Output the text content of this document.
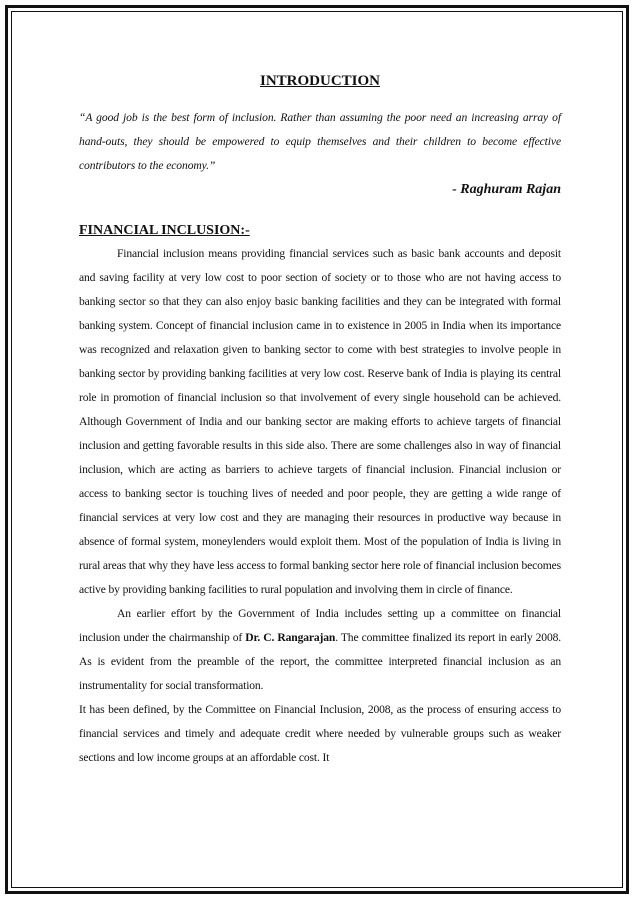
INTRODUCTION

“A good job is the best form of inclusion. Rather than assuming the poor need an increasing array of hand-outs, they should be empowered to equip themselves and their children to become effective contributors to the economy.”

- Raghuram Rajan

FINANCIAL INCLUSION:-

Financial inclusion means providing financial services such as basic bank accounts and deposit and saving facility at very low cost to poor section of society or to those who are not having access to banking sector so that they can also enjoy basic banking facilities and they can be integrated with formal banking system. Concept of financial inclusion came in to existence in 2005 in India when its importance was recognized and relaxation given to banking sector to come with best strategies to involve people in banking sector by providing banking facilities at very low cost. Reserve bank of India is playing its central role in promotion of financial inclusion so that involvement of every single household can be achieved. Although Government of India and our banking sector are making efforts to achieve targets of financial inclusion and getting favorable results in this side also. There are some challenges also in way of financial inclusion, which are acting as barriers to achieve targets of financial inclusion. Financial inclusion or access to banking sector is touching lives of needed and poor people, they are getting a wide range of financial services at very low cost and they are managing their resources in productive way because in absence of formal system, moneylenders would exploit them. Most of the population of India is living in rural areas that why they have less access to formal banking sector here role of financial inclusion becomes active by providing banking facilities to rural population and involving them in circle of finance.

An earlier effort by the Government of India includes setting up a committee on financial inclusion under the chairmanship of Dr. C. Rangarajan. The committee finalized its report in early 2008. As is evident from the preamble of the report, the committee interpreted financial inclusion as an instrumentality for social transformation.

It has been defined, by the Committee on Financial Inclusion, 2008, as the process of ensuring access to financial services and timely and adequate credit where needed by vulnerable groups such as weaker sections and low income groups at an affordable cost. It
